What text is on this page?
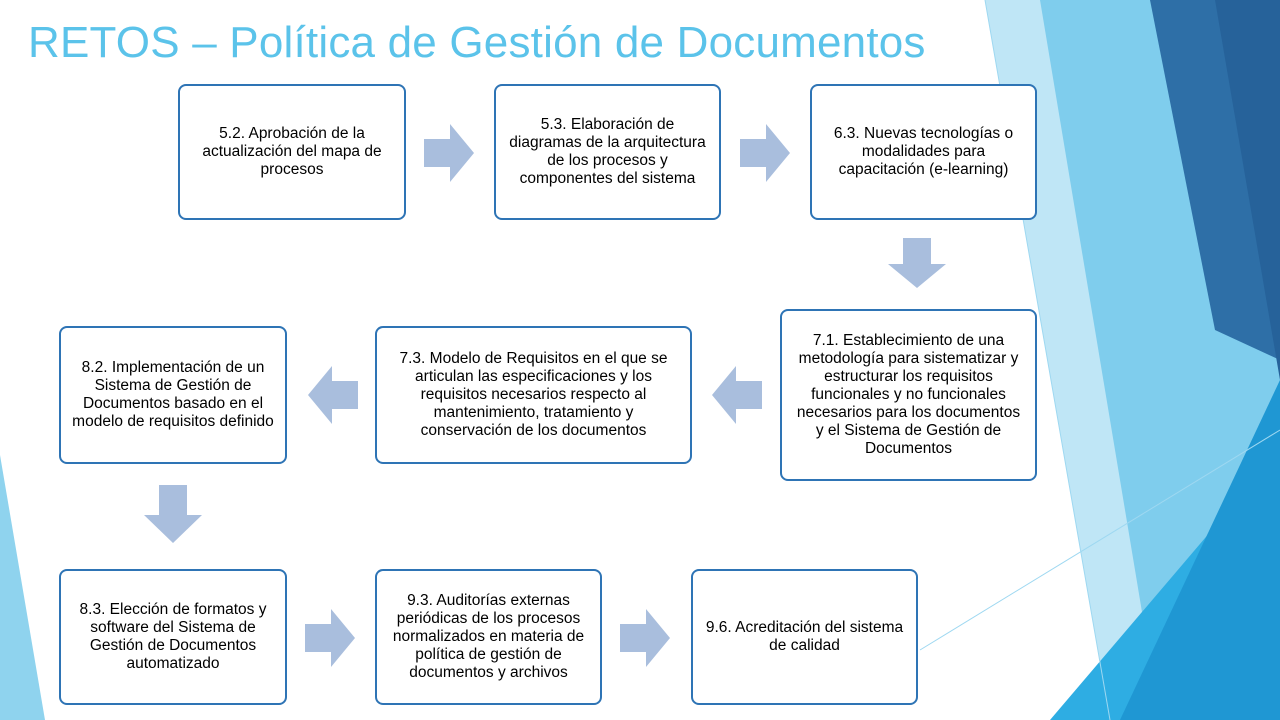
RETOS – Política de Gestión de Documentos
5.2. Aprobación de la actualización del mapa de procesos
5.3. Elaboración de diagramas de la arquitectura de los procesos y componentes del sistema
6.3. Nuevas tecnologías o modalidades para capacitación (e-learning)
7.1. Establecimiento de una metodología para sistematizar y estructurar los requisitos funcionales y no funcionales necesarios para los documentos y el Sistema de Gestión de Documentos
7.3. Modelo de Requisitos en el que se articulan las especificaciones y los requisitos necesarios respecto al mantenimiento, tratamiento y conservación de los documentos
8.2. Implementación de un Sistema de Gestión de Documentos basado en el modelo de requisitos definido
8.3. Elección de formatos y software del Sistema de Gestión de Documentos automatizado
9.3. Auditorías externas periódicas de los procesos normalizados en materia de política de gestión de documentos y archivos
9.6. Acreditación del sistema de calidad
